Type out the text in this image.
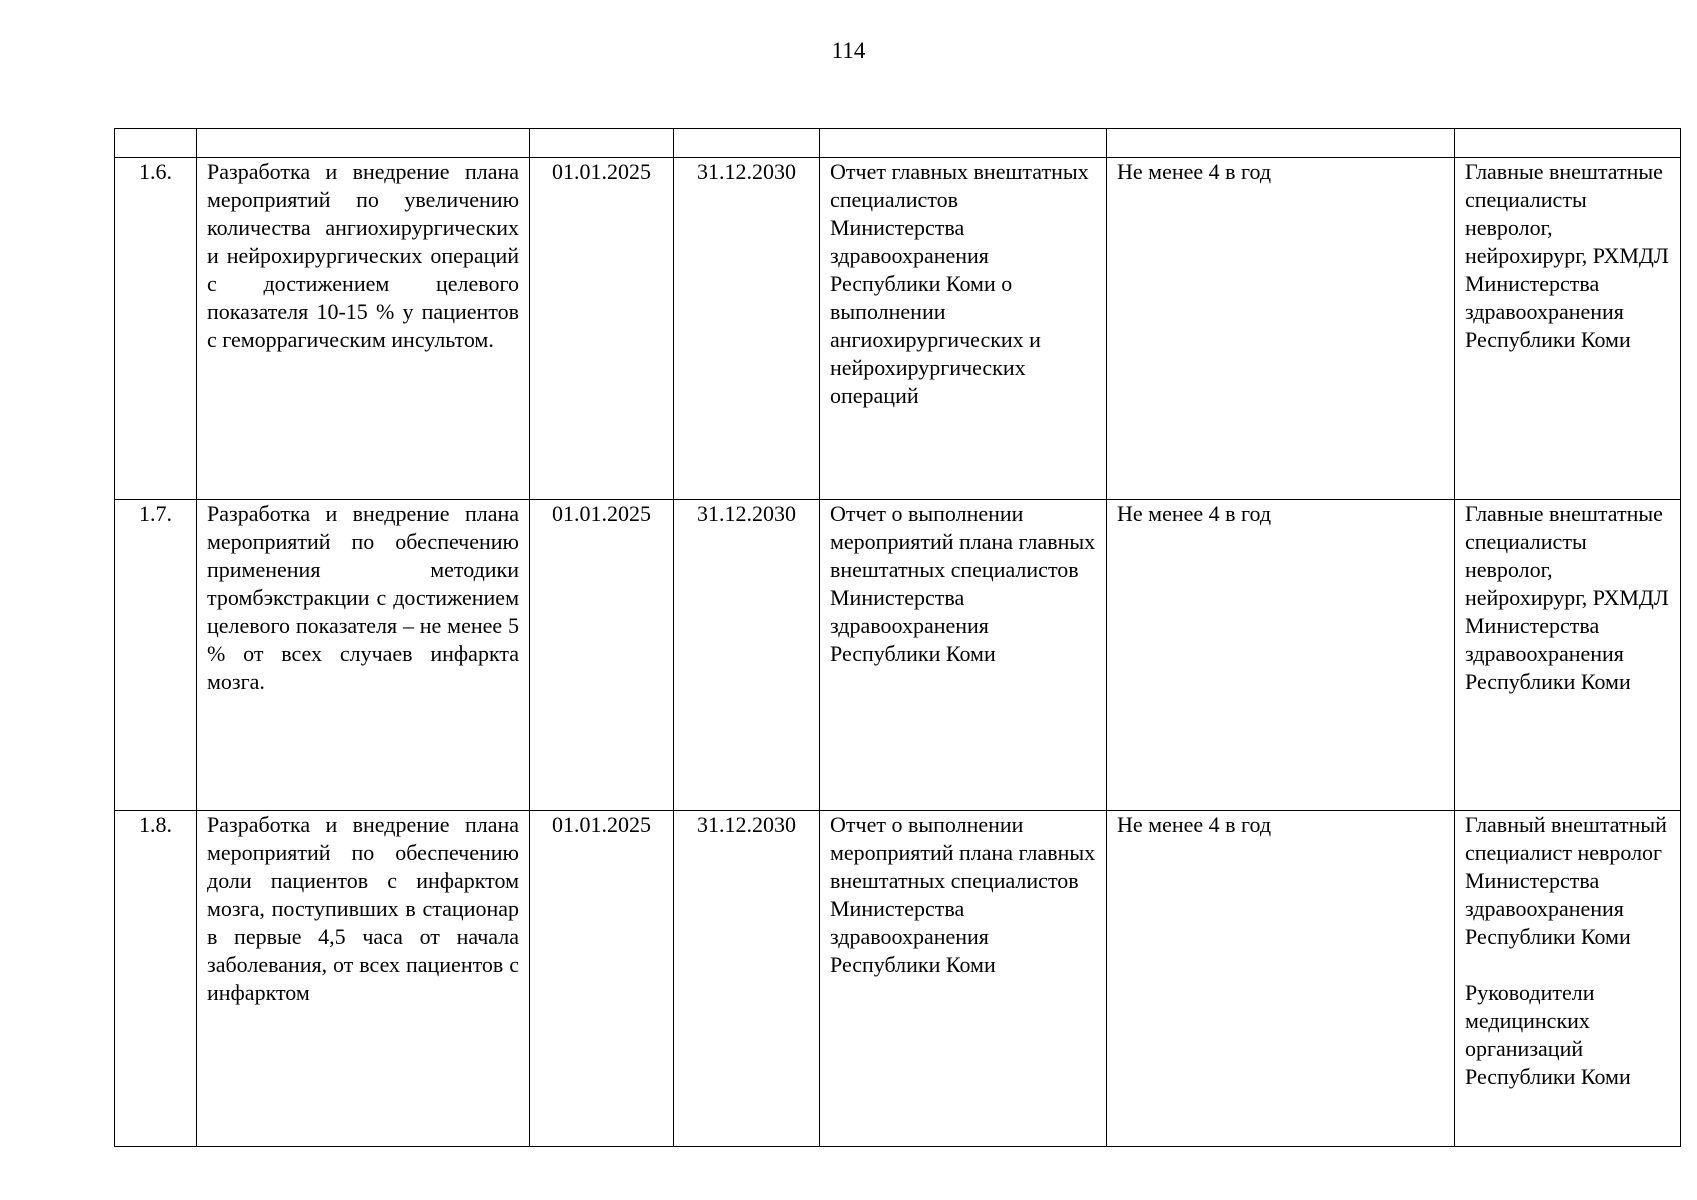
114

1.6.	Разработка и внедрение плана мероприятий по увеличению количества ангиохирургических и нейрохирургических операций с достижением целевого показателя 10-15 % у пациентов с геморрагическим инсультом.	01.01.2025	31.12.2030	Отчет главных внештатных специалистов Министерства здравоохранения Республики Коми о выполнении ангиохирургических и нейрохирургических операций	Не менее 4 в год	Главные внештатные специалисты невролог, нейрохирург, РХМДЛ Министерства здравоохранения Республики Коми

1.7.	Разработка и внедрение плана мероприятий по обеспечению применения методики тромбэкстракции с достижением целевого показателя – не менее 5 % от всех случаев инфаркта мозга.	01.01.2025	31.12.2030	Отчет о выполнении мероприятий плана главных внештатных специалистов Министерства здравоохранения Республики Коми	Не менее 4 в год	Главные внештатные специалисты невролог, нейрохирург, РХМДЛ Министерства здравоохранения Республики Коми

1.8.	Разработка и внедрение плана мероприятий по обеспечению доли пациентов с инфарктом мозга, поступивших в стационар в первые 4,5 часа от начала заболевания, от всех пациентов с инфарктом	01.01.2025	31.12.2030	Отчет о выполнении мероприятий плана главных внештатных специалистов Министерства здравоохранения Республики Коми	Не менее 4 в год	Главный внештатный специалист невролог Министерства здравоохранения Республики Коми
Руководители медицинских организаций Республики Коми
